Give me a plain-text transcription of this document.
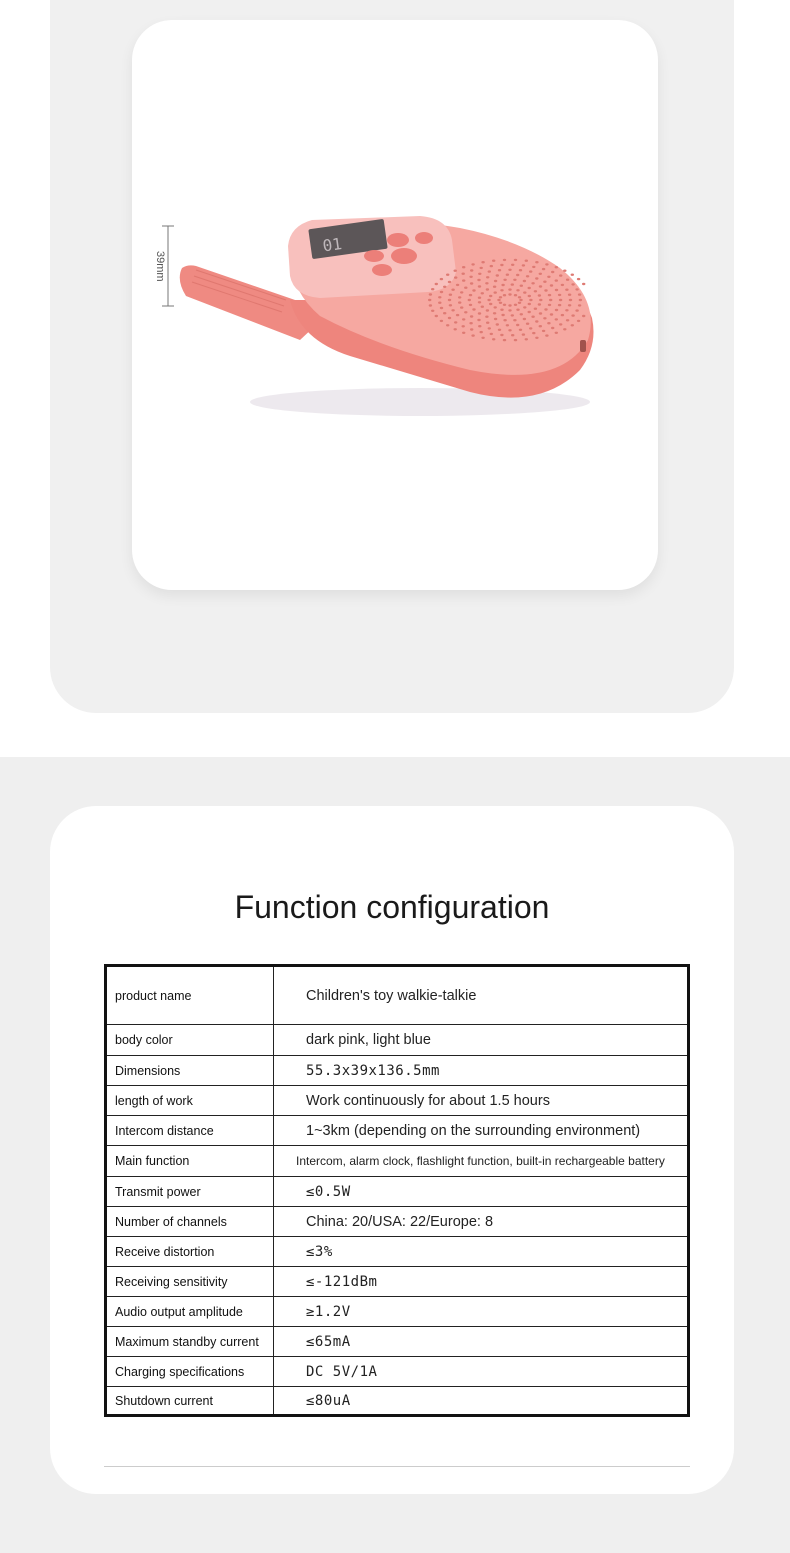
01
39mm
Function configuration
product name	Children's toy walkie-talkie
body color	dark pink, light blue
Dimensions	55.3x39x136.5mm
length of work	Work continuously for about 1.5 hours
Intercom distance	1~3km (depending on the surrounding environment)
Main function	Intercom, alarm clock, flashlight function, built-in rechargeable battery
Transmit power	≤0.5W
Number of channels	China: 20/USA: 22/Europe: 8
Receive distortion	≤3%
Receiving sensitivity	≤-121dBm
Audio output amplitude	≥1.2V
Maximum standby current	≤65mA
Charging specifications	DC 5V/1A
Shutdown current	≤80uA
